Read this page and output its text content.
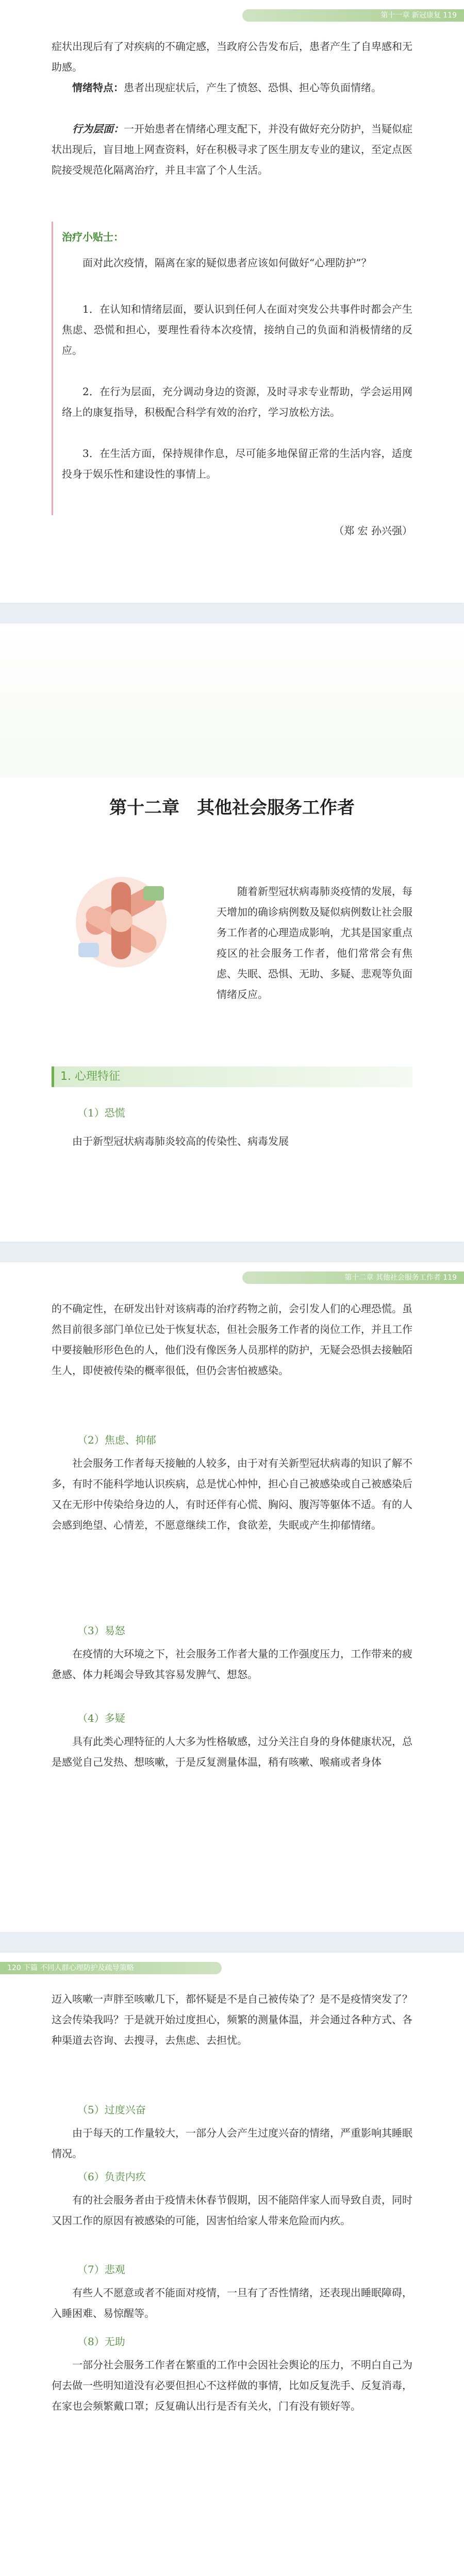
第十一章 新冠康复 119

症状出现后有了对疾病的不确定感，当政府公告发布后，患者产生了自卑感和无助感。

情绪特点：患者出现症状后，产生了愤怒、恐惧、担心等负面情绪。

行为层面：一开始患者在情绪心理支配下，并没有做好充分防护，当疑似症状出现后，盲目地上网查资料，好在积极寻求了医生朋友专业的建议，至定点医院接受规范化隔离治疗，并且丰富了个人生活。

治疗小贴士：

面对此次疫情，隔离在家的疑似患者应该如何做好“心理防护”？

1．在认知和情绪层面，要认识到任何人在面对突发公共事件时都会产生焦虑、恐慌和担心，要理性看待本次疫情，接纳自己的负面和消极情绪的反应。

2．在行为层面，充分调动身边的资源，及时寻求专业帮助，学会运用网络上的康复指导，积极配合科学有效的治疗，学习放松方法。

3．在生活方面，保持规律作息，尽可能多地保留正常的生活内容，适度投身于娱乐性和建设性的事情上。

（郑 宏 孙兴强）

第十二章　其他社会服务工作者

随着新型冠状病毒肺炎疫情的发展，每天增加的确诊病例数及疑似病例数让社会服务工作者的心理造成影响，尤其是国家重点疫区的社会服务工作者，他们常常会有焦虑、失眠、恐惧、无助、多疑、悲观等负面情绪反应。

1. 心理特征

（1）恐慌

由于新型冠状病毒肺炎较高的传染性、病毒发展

第十二章 其他社会服务工作者 119

的不确定性，在研发出针对该病毒的治疗药物之前，会引发人们的心理恐慌。虽然目前很多部门单位已处于恢复状态，但社会服务工作者的岗位工作，并且工作中要接触形形色色的人，他们没有像医务人员那样的防护，无疑会恐惧去接触陌生人，即使被传染的概率很低，但仍会害怕被感染。

（2）焦虑、抑郁

社会服务工作者每天接触的人较多，由于对有关新型冠状病毒的知识了解不多，有时不能科学地认识疾病，总是忧心忡忡，担心自己被感染或自己被感染后又在无形中传染给身边的人，有时还伴有心慌、胸闷、腹泻等躯体不适。有的人会感到绝望、心情差，不愿意继续工作，食欲差，失眠或产生抑郁情绪。

（3）易怒

在疫情的大环境之下，社会服务工作者大量的工作强度压力，工作带来的疲惫感、体力耗竭会导致其容易发脾气、想怒。

（4）多疑

具有此类心理特征的人大多为性格敏感，过分关注自身的身体健康状况，总是感觉自己发热、想咳嗽，于是反复测量体温，稍有咳嗽、喉痛或者身体

120 下篇 不同人群心理防护及疏导策略

迈入咳嗽一声胖至咳嗽几下，都怀疑是不是自己被传染了？是不是疫情突发了？这会传染我吗？于是就开始过度担心，频繁的测量体温，并会通过各种方式、各种渠道去咨询、去搜寻，去焦虑、去担忧。

（5）过度兴奋

由于每天的工作量较大，一部分人会产生过度兴奋的情绪，严重影响其睡眠情况。

（6）负责内疚

有的社会服务者由于疫情未休春节假期，因不能陪伴家人而导致自责，同时又因工作的原因有被感染的可能，因害怕给家人带来危险而内疚。

（7）悲观

有些人不愿意或者不能面对疫情，一旦有了否性情绪，还表现出睡眠障碍，入睡困难、易惊醒等。

（8）无助

一部分社会服务工作者在繁重的工作中会因社会舆论的压力，不明白自己为何去做一些明知道没有必要但担心不这样做的事情，比如反复洗手、反复消毒，在家也会频繁戴口罩；反复确认出行是否有关火，门有没有锁好等。
